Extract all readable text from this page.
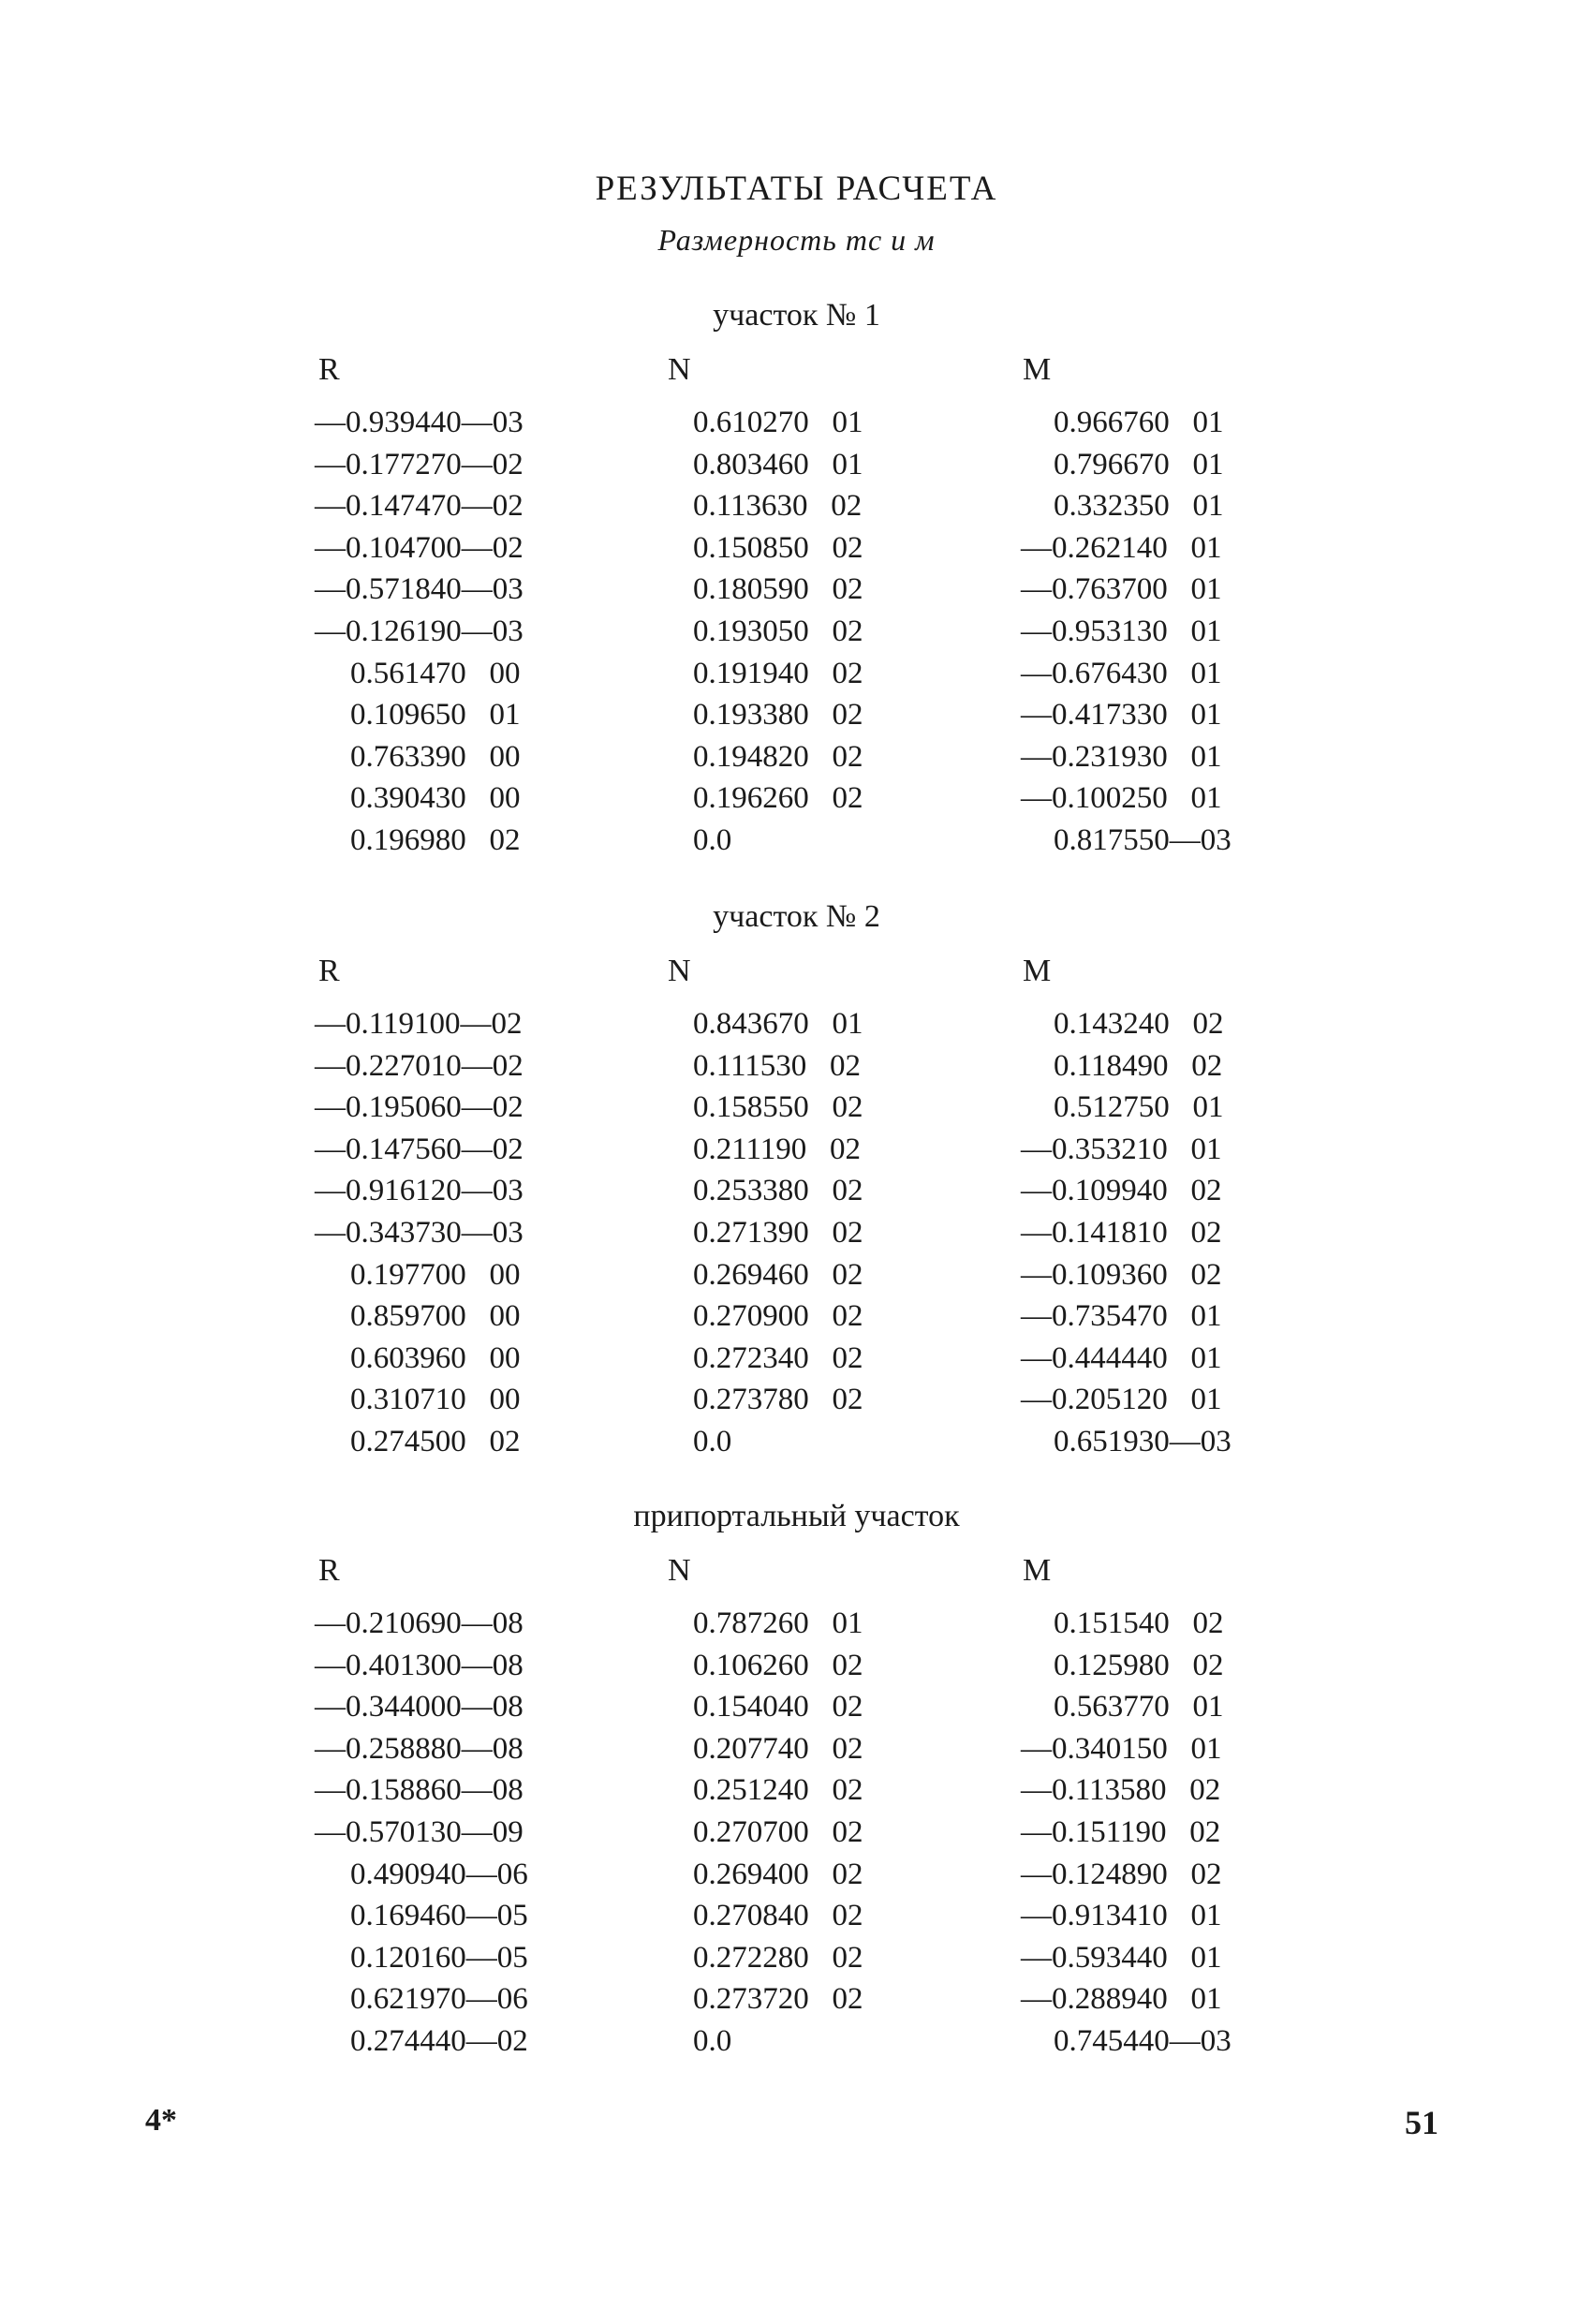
РЕЗУЛЬТАТЫ РАСЧЕТА
Размерность тс и м
участок № 1
R	N	M
—0.939440—03	0.610270   01	0.966760   01
—0.177270—02	0.803460   01	0.796670   01
—0.147470—02	0.113630   02	0.332350   01
—0.104700—02	0.150850   02	—0.262140   01
—0.571840—03	0.180590   02	—0.763700   01
—0.126190—03	0.193050   02	—0.953130   01
0.561470   00	0.191940   02	—0.676430   01
0.109650   01	0.193380   02	—0.417330   01
0.763390   00	0.194820   02	—0.231930   01
0.390430   00	0.196260   02	—0.100250   01
0.196980   02	0.0	0.817550—03
участок № 2
R	N	M
—0.119100—02	0.843670   01	0.143240   02
—0.227010—02	0.111530   02	0.118490   02
—0.195060—02	0.158550   02	0.512750   01
—0.147560—02	0.211190   02	—0.353210   01
—0.916120—03	0.253380   02	—0.109940   02
—0.343730—03	0.271390   02	—0.141810   02
0.197700   00	0.269460   02	—0.109360   02
0.859700   00	0.270900   02	—0.735470   01
0.603960   00	0.272340   02	—0.444440   01
0.310710   00	0.273780   02	—0.205120   01
0.274500   02	0.0	0.651930—03
припортальный участок
R	N	M
—0.210690—08	0.787260   01	0.151540   02
—0.401300—08	0.106260   02	0.125980   02
—0.344000—08	0.154040   02	0.563770   01
—0.258880—08	0.207740   02	—0.340150   01
—0.158860—08	0.251240   02	—0.113580   02
—0.570130—09	0.270700   02	—0.151190   02
0.490940—06	0.269400   02	—0.124890   02
0.169460—05	0.270840   02	—0.913410   01
0.120160—05	0.272280   02	—0.593440   01
0.621970—06	0.273720   02	—0.288940   01
0.274440—02	0.0	0.745440—03
4*	51
